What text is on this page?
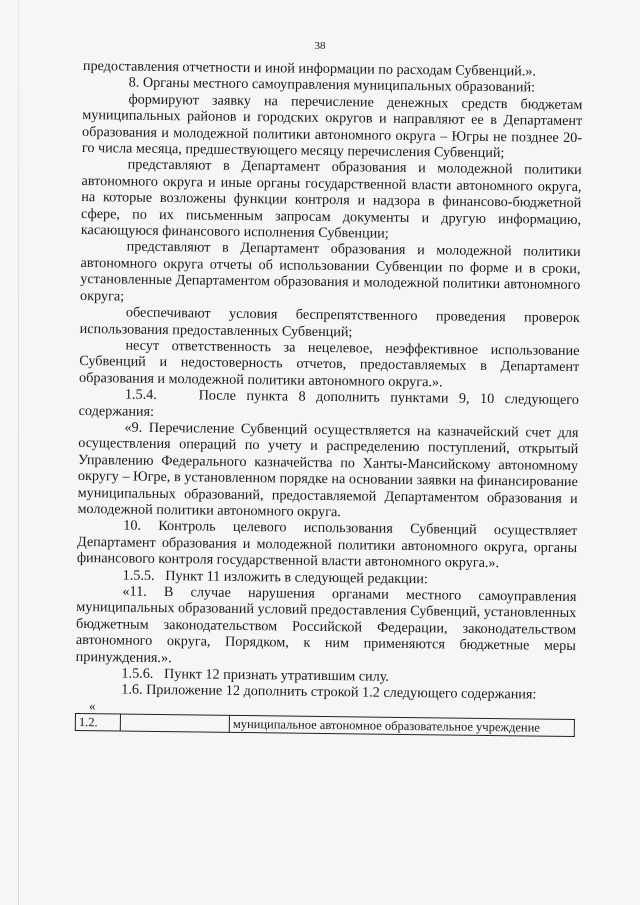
38

предоставления отчетности и иной информации по расходам Субвенций.».

8. Органы местного самоуправления муниципальных образований:

формируют заявку на перечисление денежных средств бюджетам муниципальных районов и городских округов и направляют ее в Департамент образования и молодежной политики автономного округа – Югры не позднее 20-го числа месяца, предшествующего месяцу перечисления Субвенций;

представляют в Департамент образования и молодежной политики автономного округа и иные органы государственной власти автономного округа, на которые возложены функции контроля и надзора в финансово-бюджетной сфере, по их письменным запросам документы и другую информацию, касающуюся финансового исполнения Субвенции;

представляют в Департамент образования и молодежной политики автономного округа отчеты об использовании Субвенции по форме и в сроки, установленные Департаментом образования и молодежной политики автономного округа;

обеспечивают условия беспрепятственного проведения проверок использования предоставленных Субвенций;

несут ответственность за нецелевое, неэффективное использование Субвенций и недостоверность отчетов, предоставляемых в Департамент образования и молодежной политики автономного округа.».

1.5.4.    После пункта 8 дополнить пунктами 9, 10 следующего содержания:

«9. Перечисление Субвенций осуществляется на казначейский счет для осуществления операций по учету и распределению поступлений, открытый Управлению Федерального казначейства по Ханты-Мансийскому автономному округу – Югре, в установленном порядке на основании заявки на финансирование муниципальных образований, предоставляемой Департаментом образования и молодежной политики автономного округа.

10. Контроль целевого использования Субвенций осуществляет Департамент образования и молодежной политики автономного округа, органы финансового контроля государственной власти автономного округа.».

1.5.5.   Пункт 11 изложить в следующей редакции:

«11. В случае нарушения органами местного самоуправления муниципальных образований условий предоставления Субвенций, установленных бюджетным законодательством Российской Федерации, законодательством автономного округа, Порядком, к ним применяются бюджетные меры принуждения.».

1.5.6.   Пункт 12 признать утратившим силу.

1.6. Приложение 12 дополнить строкой 1.2 следующего содержания:

«
1.2.		муниципальное автономное образовательное учреждение
